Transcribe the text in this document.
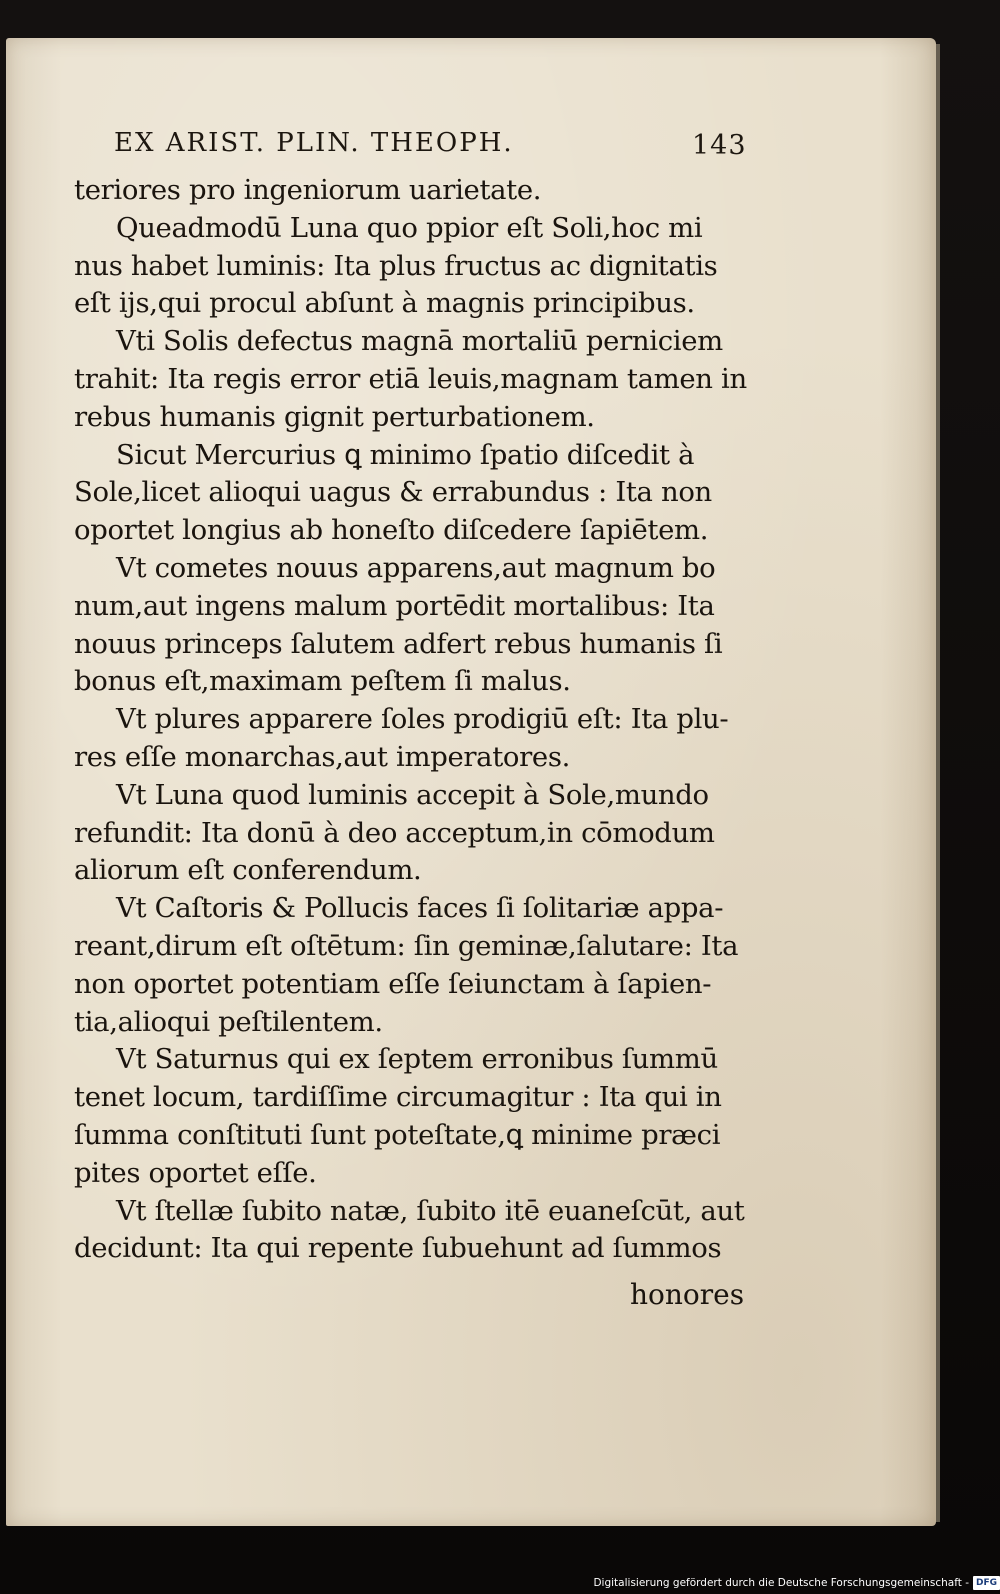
EX ARIST. PLIN. THEOPH.	143
teriores pro ingeniorum uarietate.
Queadmodū Luna quo ppior eſt Soli,hoc mi
nus habet luminis: Ita plus fructus ac dignitatis
eſt ijs,qui procul abſunt à magnis principibus.
Vti Solis defectus magnā mortaliū perniciem
trahit: Ita regis error etiā leuis,magnam tamen in
rebus humanis gignit perturbationem.
Sicut Mercurius ꝗ minimo ſpatio diſcedit à
Sole,licet alioqui uagus & errabundus : Ita non
oportet longius ab honeſto diſcedere ſapiētem.
Vt cometes nouus apparens,aut magnum bo
num,aut ingens malum portēdit mortalibus: Ita
nouus princeps ſalutem adfert rebus humanis ſi
bonus eſt,maximam peſtem ſi malus.
Vt plures apparere ſoles prodigiū eſt: Ita plu-
res eſſe monarchas,aut imperatores.
Vt Luna quod luminis accepit à Sole,mundo
refundit: Ita donū à deo acceptum,in cōmodum
aliorum eſt conferendum.
Vt Caſtoris & Pollucis faces ſi ſolitariæ appa-
reant,dirum eſt oſtētum: ſin geminæ,ſalutare: Ita
non oportet potentiam eſſe ſeiunctam à ſapien-
tia,alioqui peſtilentem.
Vt Saturnus qui ex ſeptem erronibus ſummū
tenet locum, tardiſſime circumagitur : Ita qui in
ſumma conſtituti ſunt poteſtate,ꝗ minime præci
pites oportet eſſe.
Vt ſtellæ ſubito natæ, ſubito itē euaneſcūt, aut
decidunt: Ita qui repente ſubuehunt ad ſummos
honores
Digitalisierung gefördert durch die Deutsche Forschungsgemeinschaft - DFG
